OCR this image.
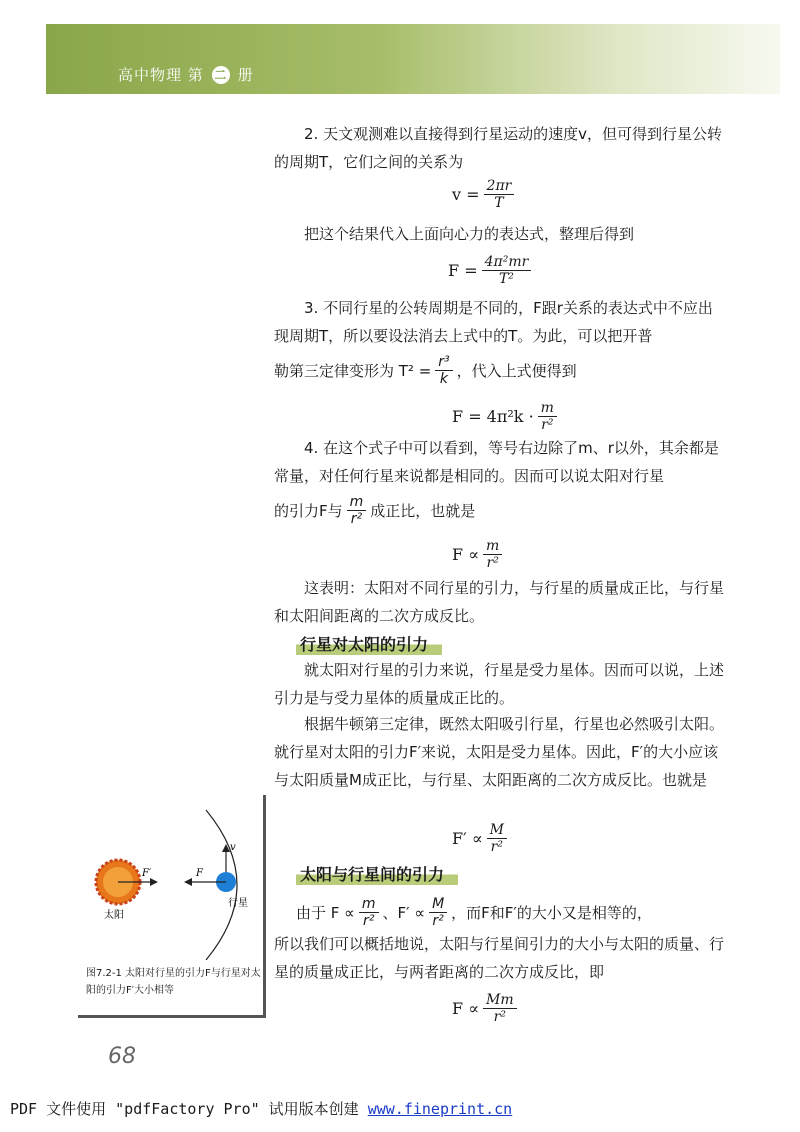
高中物理 第 二 册

2. 天文观测难以直接得到行星运动的速度v，但可得到行星公转的周期T，它们之间的关系为

$v = \frac{2\pi r}{T}$

把这个结果代入上面向心力的表达式，整理后得到

$F = \frac{\text{4π²mr}}{\text{T²}}$

3. 不同行星的公转周期是不同的，F跟r关系的表达式中不应出现周期T，所以要设法消去上式中的T。为此，可以把开普

勒第三定律变形为 $T^2 = \frac{\text{r³}}{k}$ ，代入上式便得到
$F = 4\pi^2k \cdot \frac{m}{\text{r²}}$

4. 在这个式子中可以看到，等号右边除了m、r以外，其余都是常量，对任何行星来说都是相同的。因而可以说太阳对行星

的引力F与 $\frac{m}{\text{r²}}$ 成正比，也就是
$F \propto \frac{m}{\text{r²}}$

这表明：太阳对不同行星的引力，与行星的质量成正比，与行星和太阳间距离的二次方成反比。

行星对太阳的引力

就太阳对行星的引力来说，行星是受力星体。因而可以说，上述引力是与受力星体的质量成正比的。

根据牛顿第三定律，既然太阳吸引行星，行星也必然吸引太阳。就行星对太阳的引力F′来说，太阳是受力星体。因此，F′的大小应该与太阳质量M成正比，与行星、太阳距离的二次方成反比。也就是

$F' \propto \frac{M}{\text{r²}}$
太阳与行星间的引力
由于 $F \propto \frac{m}{\text{r²}}$ 、$F' \propto \frac{M}{\text{r²}}$ ，而F和F′的大小又是相等的，

所以我们可以概括地说，太阳与行星间引力的大小与太阳的质量、行星的质量成正比，与两者距离的二次方成反比，即

$F \propto \frac{Mm}{\text{r²}}$
F′	F
v
太阳
行星
图7.2-1 太阳对行星的引力F与行星对太阳的引力F′大小相等
68
PDF 文件使用 "pdfFactory Pro" 试用版本创建 www.fineprint.cn
